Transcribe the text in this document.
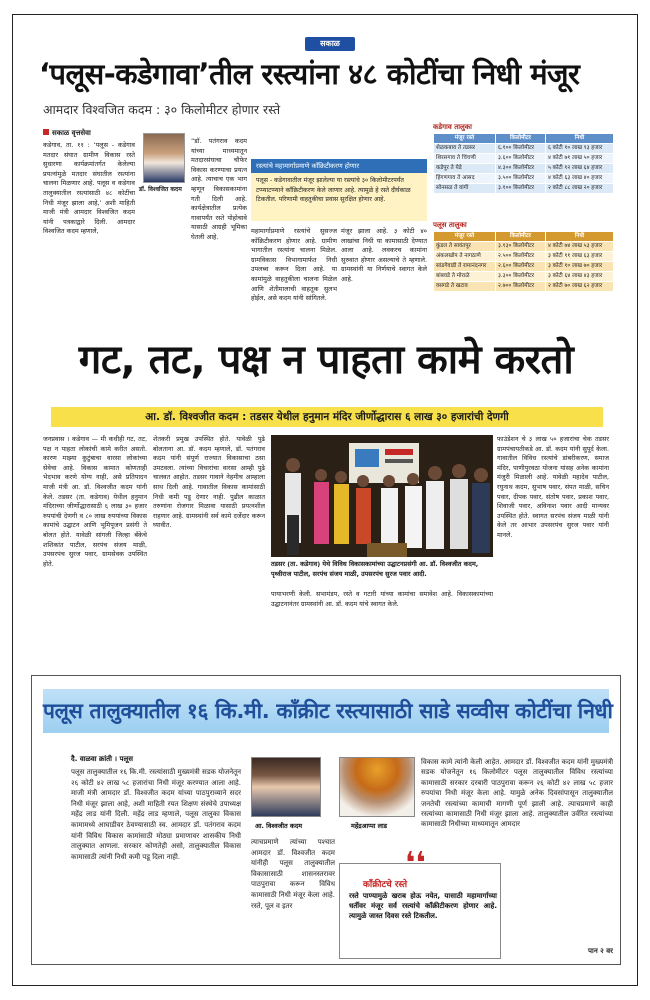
सकाळ
‘पलूस-कडेगावा’तील रस्त्यांना ४८ कोटींचा निधी मंजूर
आमदार विश्‍वजित कदम : ३० किलोमीटर होणार रस्ते
सकाळ वृत्तसेवा
कडेगाव, ता. ११ : ‘पलूस - कडेगाव मतदार संघात ग्रामीण विकास रस्ते सुधारणा कार्यक्रमांतर्गत केलेल्या प्रयत्नांमुळे मतदार संघातील रस्त्यांना चालना मिळणार आहे. पलूस व कडेगाव तालुक्यातील रस्त्यांसाठी ४८ कोटींचा निधी मंजूर झाला आहे,’ अशी माहिती माजी मंत्री आमदार विश्‍वजित कदम यांनी पत्रकाद्वारे दिली. आमदार विश्‍वजित कदम म्हणाले,
डॉ. विश्‍वजित कदम
“डॉ. पतंगराव कदम यांच्या माध्यमातून मतदारसंघाचा चौफेर विकास करण्याचा प्रयत्न आहे. त्याचाच एक भाग म्हणून विकासकामांना गती दिली आहे. कार्यक्षेत्रातील प्रत्येक गावापर्यंत रस्ते पोहोचावे यासाठी आग्रही भूमिका घेतली आहे.
रस्त्यांचे महामार्गाप्रमाणे काँक्रिटीकरण होणार
पलूस - कडेगावातील मंजूर झालेल्या या रस्त्यांचे ३० किलोमीटरपर्यंत टप्प्याटप्प्याने काँक्रिटीकरण केले जाणार आहे. त्यामुळे हे रस्ते दीर्घकाळ टिकतील. परिणामी वाहतुकीचा प्रवास सुरक्षित होणार आहे.
महामार्गाप्रमाणे रस्त्यांचे सुसज्ज काँक्रिटीकरण होणार आहे. ग्रामीण भागातील रस्त्यांना चालना मिळेल. ग्रामविकास विभागामार्फत निधी उपलब्ध करून दिला आहे. या कामांमुळे वाहतुकीला चालना मिळेल आणि शेतीमालाची वाहतूक सुलभ होईल, असे कदम यांनी सांगितले.
मंजूर झाला आहे. ३ कोटी ४० लाखांचा निधी या कामासाठी देण्यात आला आहे. लवकरच कामांना सुरुवात होणार असल्याचे ते म्हणाले. ग्रामस्थांनी या निर्णयाचे स्वागत केले आहे.
कडेगाव तालुका
मंजूर रस्ते	किलोमीटर	निधी
शेळकबाव ते तडसर	६.१०० किलोमीटर	६ कोटी १० लाख ९३ हजार
शिरसगाव ते चिंचणी	३.६०० किलोमीटर	४ कोटी ७१ लाख ५० हजार
कडेपूर ते येडे	४.३०० किलोमीटर	५ कोटी १२ लाख ६४ हजार
हिंगणगाव ते आसद	३.५०० किलोमीटर	४ कोटी ६३ लाख ४० हजार
सोनसळ ते वांगी	३.१०० किलोमीटर	२ कोटी ८८ लाख २० हजार
पलूस तालुका
मंजूर रस्ते	किलोमीटर	निधी
कुंडल ते सावंतपूर	३.१३० किलोमीटर	४ कोटी ७४ लाख ५३ हजार
अंकलखोप ते नागठाणे	२.५०० किलोमीटर	३ कोटी ११ लाख ६३ हजार
सांडगेवाडी ते रामानंदनगर	२.६०० किलोमीटर	३ कोटी १० लाख ७० हजार
बांबवडे ते मोराळे	३.३०० किलोमीटर	३ कोटी ६४ लाख ४३ हजार
वसगडे ते खटाव	२.७०० किलोमीटर	२ कोटी ७० लाख ६२ हजार
गट, तट, पक्ष न पाहता कामे करतो
आ. डॉ. विश्‍वजीत कदम : तडसर येथील हनुमान मंदिर जीर्णोद्धारास ६ लाख ३० हजारांची देणगी
जनप्रवास । कडेगाव — मी कधीही गट, तट, पक्ष न पाहता लोकांची कामे करीत असतो. कारण माझ्या कुटुंबाचा वारसा लोकांच्या सेवेचा आहे. विकास कामात कोणताही भेदभाव करणे योग्य नाही, असे प्रतिपादन माजी मंत्री आ. डॉ. विश्‍वजीत कदम यांनी केले. तडसर (ता. कडेगाव) येथील हनुमान मंदिराच्या जीर्णोद्धारासाठी ६ लाख ३० हजार रुपयांची देणगी व ८० लाख रुपयांच्या विकास कामांचे उद्घाटन आणि भूमिपूजन प्रसंगी ते बोलत होते. यावेळी सांगली जिल्हा बँकेचे शशिकांत पाटील, सरपंच संजय माळी, उपसरपंच सुरज पवार, ग्रामसेवक उपस्थित होते.
शेतकरी प्रमुख उपस्थित होते. यावेळी पुढे बोलताना आ. डॉ. कदम म्हणाले, डॉ. पतंगराव कदम यांनी संपूर्ण राज्यात विकासाचा ठसा उमटवला. त्यांच्या विचारांचा वारसा आम्ही पुढे चालवत आहोत. तडसर गावाने नेहमीच आम्हाला साथ दिली आहे. गावातील विकास कामांसाठी निधी कमी पडू देणार नाही. पुढील काळात तरुणांना रोजगार मिळावा यासाठी प्रयत्नशील राहणार आहे. ग्रामस्थांनी सर्व कामे दर्जेदार करून घ्यावीत.
तडसर (ता. कडेगाव) येथे विविध विकासकामांच्या उद्घाटनप्रसंगी आ. डॉ. विश्‍वजीत कदम, पृथ्वीराज पाटील, सरपंच संजय माळी, उपसरपंच सुरज पवार आदी.
पायाभरणी केली. सभामंडप, रस्ते व गटारी यांच्या कामांचा समावेश आहे. विकासकामांच्या उद्घाटनानंतर ग्रामस्थांनी आ. डॉ. कदम यांचे स्वागत केले.
फाउंडेशन चे ३ लाख ५० हजारांचा चेक तडसर ग्रामपंचायतीकडे आ. डॉ. कदम यांनी सुपूर्द केला. गावातील विविध रस्त्यांचे डांबरीकरण, समाज मंदिर, पाणीपुरवठा योजना यांसह अनेक कामांना मंजुरी मिळाली आहे. यावेळी महादेव पाटील, रघुनाथ कदम, सुभाष पवार, संपत माळी, सचिन पवार, दीपक पवार, संतोष पवार, प्रकाश पवार, शिवाजी पवार, अविनाश पवार आदी मान्यवर उपस्थित होते. स्वागत सरपंच संजय माळी यांनी केले तर आभार उपसरपंच सुरज पवार यांनी मानले.
पलूस तालुक्यातील १६ कि.मी. काँक्रीट रस्त्यासाठी साडे सव्वीस कोटींचा निधी
दै. वाळवा क्रांती । पलूस
पलूस तालुक्यातील १६ कि.मी. रस्त्यांसाठी मुख्यमंत्री सडक योजनेतून २६ कोटी ४२ लाख ५८ हजारांचा निधी मंजूर करण्यात आला आहे. माजी मंत्री आमदार डॉ. विश्‍वजीत कदम यांच्या पाठपुराव्याने सदर निधी मंजूर झाला आहे, अशी माहिती रयत शिक्षण संस्थेचे उपाध्यक्ष महेंद्र लाड यांनी दिली. महेंद्र लाड म्हणाले, पलूस तालुका विकास कामामध्ये आघाडीवर ठेवण्यासाठी स्व. आमदार डॉ. पतंगराव कदम यांनी विविध विकास कामांसाठी मोठ्या प्रमाणावर शासकीय निधी तालुक्यात आणला. सरकार कोणतेही असो, तालुक्यातील विकास कामासाठी त्यांनी निधी कमी पडू दिला नाही.
आ. विश्‍वजीत कदम	महेंद्रआप्पा लाड
त्याचप्रमाणे त्यांच्या पश्चात आमदार डॉ. विश्‍वजीत कदम यांनीही पलूस तालुक्यातील विकासासाठी शासनस्तरावर पाठपुरावा करून विविध कामासाठी निधी मंजूर केला आहे. रस्ते, पूल व इतर
❛❛
काँक्रीटचे रस्ते
रस्ते पाण्यामुळे खराब होऊ नयेत, यासाठी महामार्गाच्या धर्तीवर मंजूर सर्व रस्त्यांचे काँक्रीटीकरण होणार आहे. त्यामुळे जास्त दिवस रस्ते टिकतील.
विकास कामे त्यांनी केली आहेत. आमदार डॉ. विश्‍वजीत कदम यांनी मुख्यमंत्री सडक योजनेतून १६ किलोमीटर पलूस तालुक्यातील विविध रस्त्यांच्या कामासाठी सरकार दरबारी पाठपुरावा करून २६ कोटी ४२ लाख ५८ हजार रुपयांचा निधी मंजूर केला आहे. यामुळे अनेक दिवसांपासून तालुक्यातील जनतेची रस्त्यांच्या कामाची मागणी पूर्ण झाली आहे. त्याचप्रमाणे काही रस्त्यांच्या कामासाठी निधी मंजूर झाला आहे. तालुक्यातील उर्वरित रस्त्यांच्या कामासाठी निधीच्या माध्यमातून आमदार
पान २ वर
